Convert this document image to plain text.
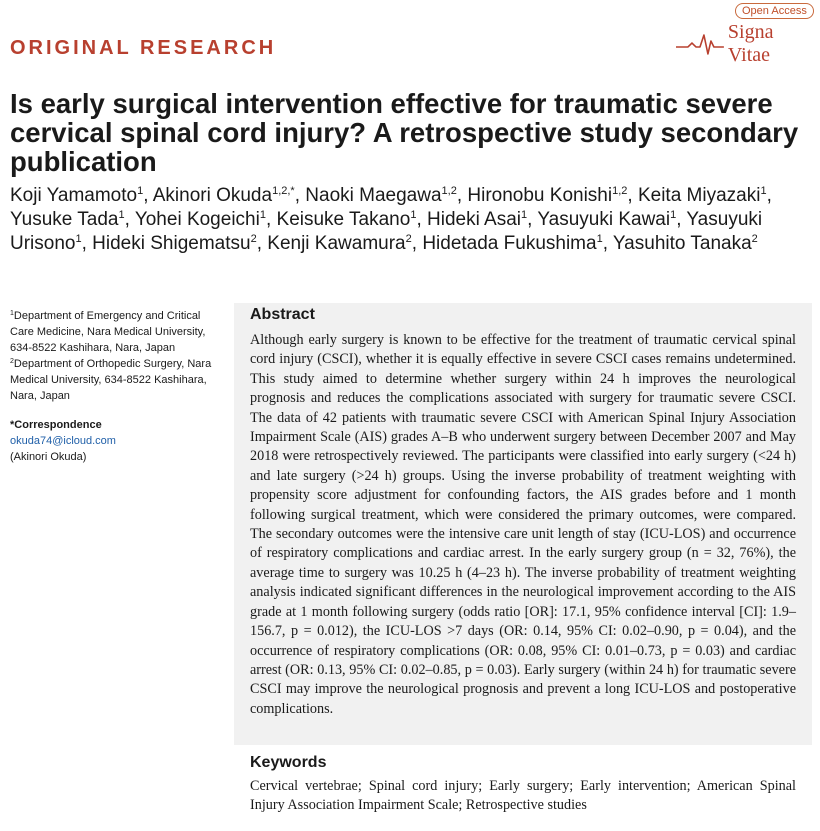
Open Access
ORIGINAL RESEARCH
Signa Vitae
Is early surgical intervention effective for traumatic severe cervical spinal cord injury? A retrospective study secondary publication
Koji Yamamoto$^1$, Akinori Okuda$^{1,2,*}$, Naoki Maegawa$^{1,2}$, Hironobu Konishi$^{1,2}$, Keita Miyazaki$^1$, Yusuke Tada$^1$, Yohei Kogeichi$^1$, Keisuke Takano$^1$, Hideki Asai$^1$, Yasuyuki Kawai$^1$, Yasuyuki Urisono$^1$, Hideki Shigematsu$^2$, Kenji Kawamura$^2$, Hidetada Fukushima$^1$, Yasuhito Tanaka$^2$

$^1$Department of Emergency and Critical Care Medicine, Nara Medical University, 634-8522 Kashihara, Nara, Japan

$^2$Department of Orthopedic Surgery, Nara Medical University, 634-8522 Kashihara, Nara, Japan

*Correspondence

okuda74@icloud.com

(Akinori Okuda)

Abstract

Although early surgery is known to be effective for the treatment of traumatic cervical spinal cord injury (CSCI), whether it is equally effective in severe CSCI cases remains undetermined. This study aimed to determine whether surgery within 24 h improves the neurological prognosis and reduces the complications associated with surgery for traumatic severe CSCI. The data of 42 patients with traumatic severe CSCI with American Spinal Injury Association Impairment Scale (AIS) grades A–B who underwent surgery between December 2007 and May 2018 were retrospectively reviewed. The participants were classified into early surgery (<24 h) and late surgery (>24 h) groups. Using the inverse probability of treatment weighting with propensity score adjustment for confounding factors, the AIS grades before and 1 month following surgical treatment, which were considered the primary outcomes, were compared. The secondary outcomes were the intensive care unit length of stay (ICU-LOS) and occurrence of respiratory complications and cardiac arrest. In the early surgery group (n = 32, 76%), the average time to surgery was 10.25 h (4–23 h). The inverse probability of treatment weighting analysis indicated significant differences in the neurological improvement according to the AIS grade at 1 month following surgery (odds ratio [OR]: 17.1, 95% confidence interval [CI]: 1.9–156.7, p = 0.012), the ICU-LOS >7 days (OR: 0.14, 95% CI: 0.02–0.90, p = 0.04), and the occurrence of respiratory complications (OR: 0.08, 95% CI: 0.01–0.73, p = 0.03) and cardiac arrest (OR: 0.13, 95% CI: 0.02–0.85, p = 0.03). Early surgery (within 24 h) for traumatic severe CSCI may improve the neurological prognosis and prevent a long ICU-LOS and postoperative complications.

Keywords

Cervical vertebrae; Spinal cord injury; Early surgery; Early intervention; American Spinal Injury Association Impairment Scale; Retrospective studies
